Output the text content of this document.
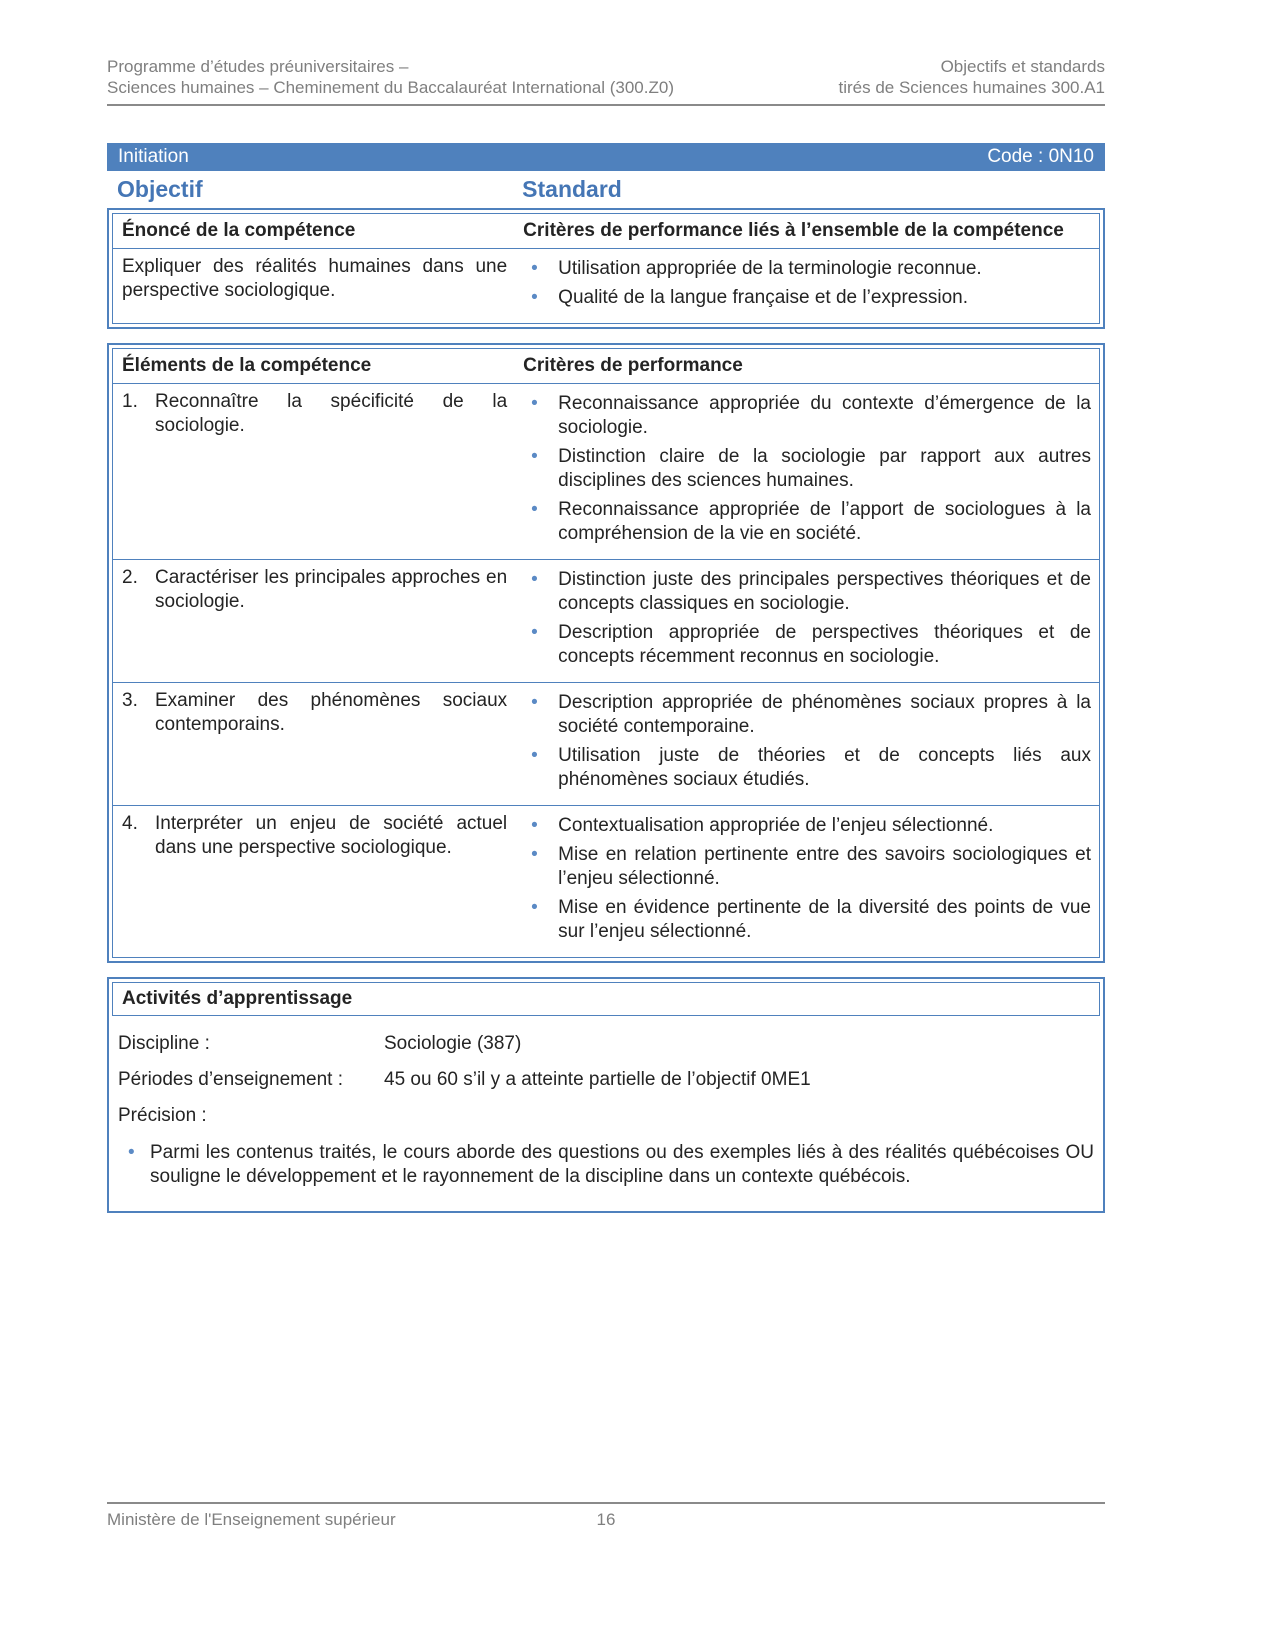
Programme d’études préuniversitaires –
Sciences humaines – Cheminement du Baccalauréat International (300.Z0)
Objectifs et standards
tirés de Sciences humaines 300.A1
Initiation	Code : 0N10
Objectif	Standard
Énoncé de la compétence	Critères de performance liés à l’ensemble de la compétence
Expliquer des réalités humaines dans une perspective sociologique.
•	Utilisation appropriée de la terminologie reconnue.
•	Qualité de la langue française et de l’expression.
Éléments de la compétence	Critères de performance
1. Reconnaître la spécificité de la sociologie.
•	Reconnaissance appropriée du contexte d’émergence de la sociologie.
•	Distinction claire de la sociologie par rapport aux autres disciplines des sciences humaines.
•	Reconnaissance appropriée de l’apport de sociologues à la compréhension de la vie en société.
2. Caractériser les principales approches en sociologie.
•	Distinction juste des principales perspectives théoriques et de concepts classiques en sociologie.
•	Description appropriée de perspectives théoriques et de concepts récemment reconnus en sociologie.
3. Examiner des phénomènes sociaux contemporains.
•	Description appropriée de phénomènes sociaux propres à la société contemporaine.
•	Utilisation juste de théories et de concepts liés aux phénomènes sociaux étudiés.
4. Interpréter un enjeu de société actuel dans une perspective sociologique.
•	Contextualisation appropriée de l’enjeu sélectionné.
•	Mise en relation pertinente entre des savoirs sociologiques et l’enjeu sélectionné.
•	Mise en évidence pertinente de la diversité des points de vue sur l’enjeu sélectionné.
Activités d’apprentissage
Discipline :	Sociologie (387)
Périodes d’enseignement :	45 ou 60 s’il y a atteinte partielle de l’objectif 0ME1
Précision :
• Parmi les contenus traités, le cours aborde des questions ou des exemples liés à des réalités québécoises OU souligne le développement et le rayonnement de la discipline dans un contexte québécois.
Ministère de l'Enseignement supérieur	16
